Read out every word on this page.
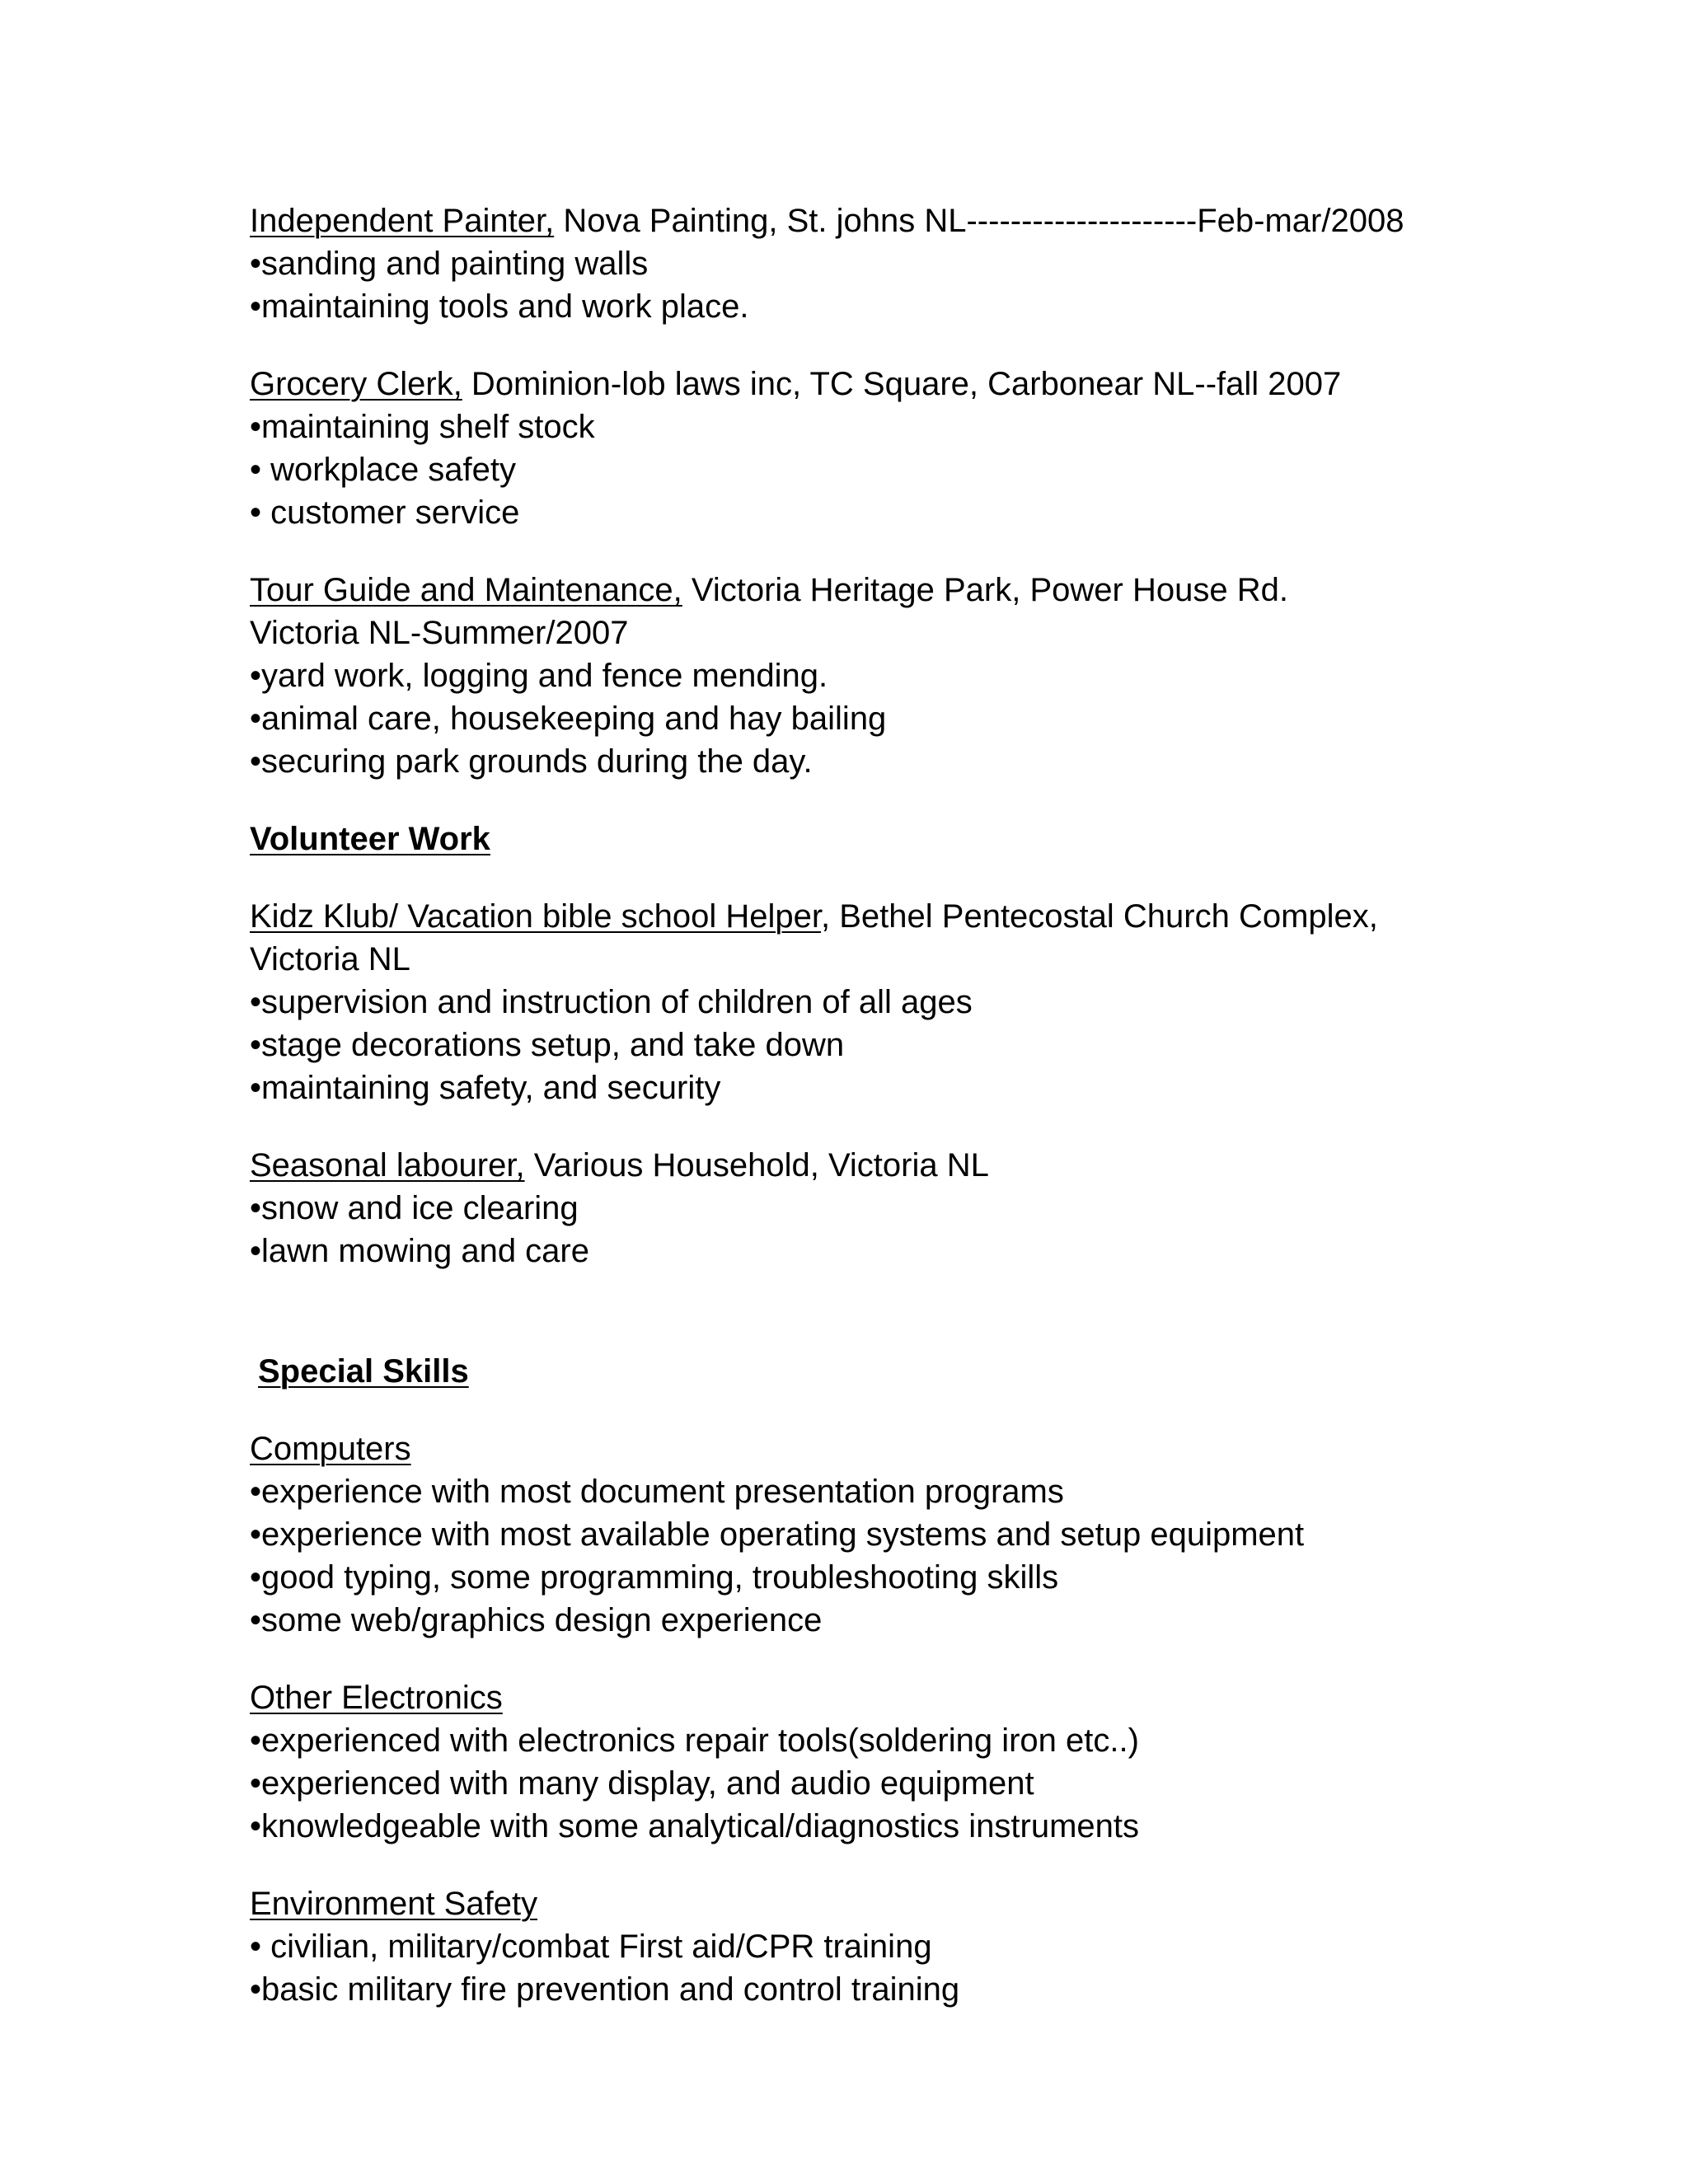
Independent Painter, Nova Painting, St. johns NL---------------------Feb-mar/2008
•sanding and painting walls
•maintaining tools and work place.
Grocery Clerk, Dominion-lob laws inc, TC Square, Carbonear NL--fall 2007
•maintaining shelf stock
• workplace safety
• customer service
Tour Guide and Maintenance, Victoria Heritage Park, Power House Rd. Victoria NL-Summer/2007
•yard work, logging and fence mending.
•animal care, housekeeping and hay bailing
•securing park grounds during the day.
Volunteer Work
Kidz Klub/ Vacation bible school Helper, Bethel Pentecostal Church Complex, Victoria NL
•supervision and instruction of children of all ages
•stage decorations setup, and take down
•maintaining safety, and security
Seasonal labourer, Various Household, Victoria NL
•snow and ice clearing
•lawn mowing and care
Special Skills
Computers
•experience with most document presentation programs
•experience with most available operating systems and setup equipment
•good typing, some programming, troubleshooting skills
•some web/graphics design experience
Other Electronics
•experienced with electronics repair tools(soldering iron etc..)
•experienced with many display, and audio equipment
•knowledgeable with some analytical/diagnostics instruments
Environment Safety
• civilian, military/combat First aid/CPR training
•basic military fire prevention and control training
